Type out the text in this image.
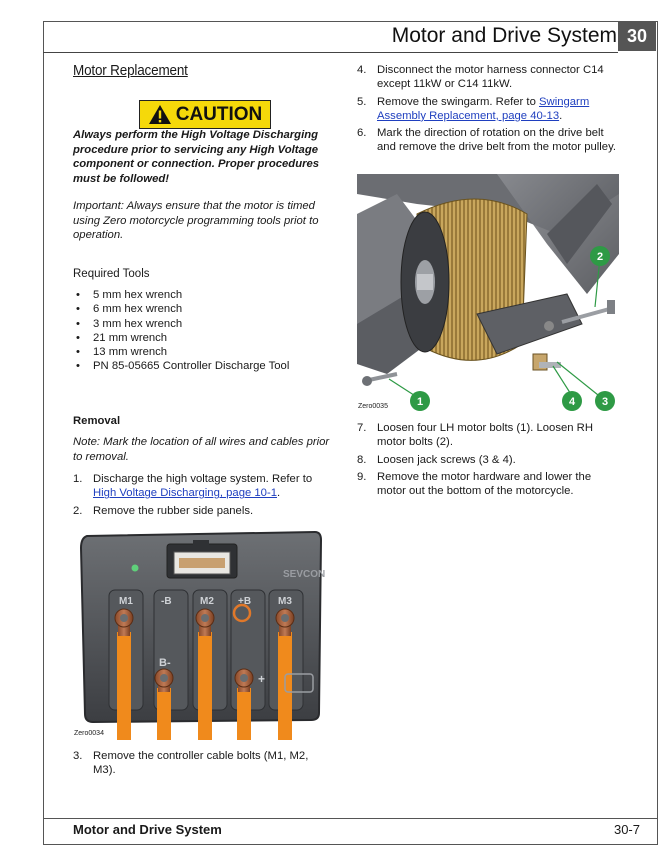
Motor and Drive System 30
Motor Replacement
CAUTION
Always perform the High Voltage Discharging procedure prior to servicing any High Voltage component or connection. Proper procedures must be followed!
Important: Always ensure that the motor is timed using Zero motorcycle programming tools priot to operation.
Required Tools
• 5 mm hex wrench
• 6 mm hex wrench
• 3 mm hex wrench
• 21 mm wrench
• 13 mm wrench
• PN 85-05665 Controller Discharge Tool
Removal
Note: Mark the location of all wires and cables prior to removal.
1. Discharge the high voltage system. Refer to High Voltage Discharging, page 10-1.
2. Remove the rubber side panels.
SEVCON
M1	-B	M2 +B	M3
B-
+
Zero0034
3. Remove the controller cable bolts (M1, M2, M3).
4. Disconnect the motor harness connector C14 except 11kW or C14 11kW.
5. Remove the swingarm. Refer to Swingarm Assembly Replacement, page 40-13.
6. Mark the direction of rotation on the drive belt and remove the drive belt from the motor pulley.
2
1	4 3
Zero0035
7. Loosen four LH motor bolts (1). Loosen RH motor bolts (2).
8. Loosen jack screws (3 & 4).
9. Remove the motor hardware and lower the motor out the bottom of the motorcycle.
Motor and Drive System	30-7
